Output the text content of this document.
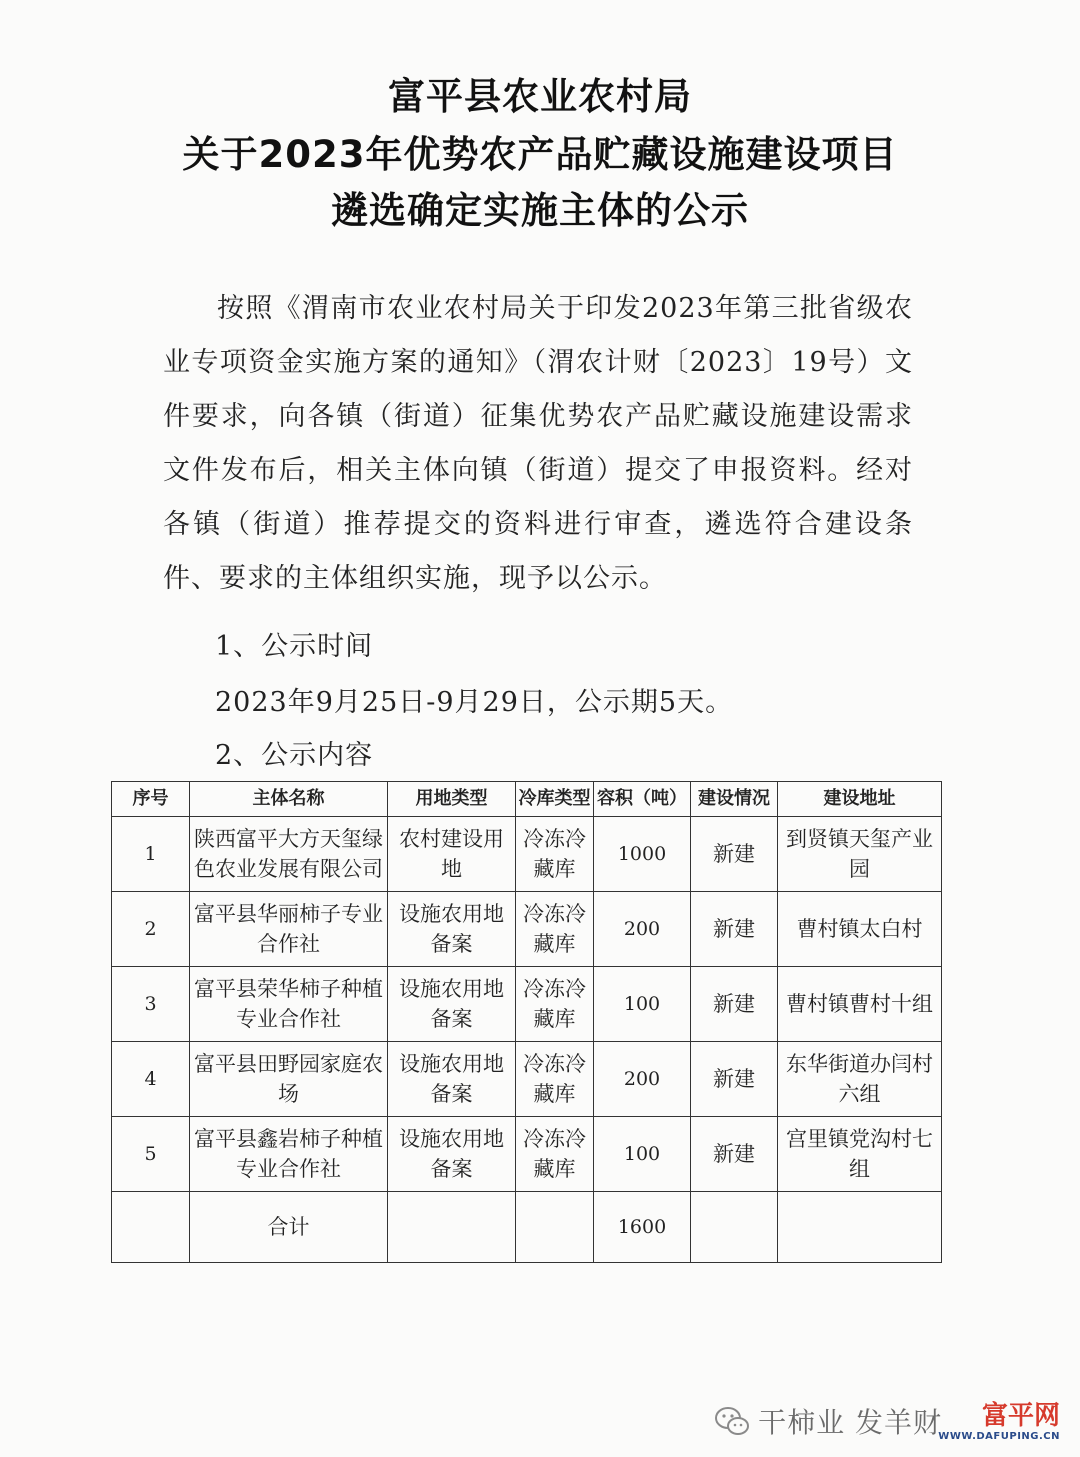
富平县农业农村局
关于2023年优势农产品贮藏设施建设项目
遴选确定实施主体的公示
按照《渭南市农业农村局关于印发2023年第三批省级农业专项资金实施方案的通知》（渭农计财〔2023〕19号）文件要求，向各镇（街道）征集优势农产品贮藏设施建设需求文件发布后，相关主体向镇（街道）提交了申报资料。经对各镇（街道）推荐提交的资料进行审查，遴选符合建设条件、要求的主体组织实施，现予以公示。
1、公示时间
2023年9月25日-9月29日，公示期5天。
2、公示内容
序号	主体名称	用地类型	冷库类型	容积（吨）	建设情况	建设地址
1	陕西富平大方天玺绿色农业发展有限公司	农村建设用地	冷冻冷藏库	1000	新建	到贤镇天玺产业园
2	富平县华丽柿子专业合作社	设施农用地备案	冷冻冷藏库	200	新建	曹村镇太白村
3	富平县荣华柿子种植专业合作社	设施农用地备案	冷冻冷藏库	100	新建	曹村镇曹村十组
4	富平县田野园家庭农场	设施农用地备案	冷冻冷藏库	200	新建	东华街道办闫村六组
5	富平县鑫岩柿子种植专业合作社	设施农用地备案	冷冻冷藏库	100	新建	宫里镇党沟村七组
	合计			1600		
干柿业 发羊财 富平网
WWW.DAFUPING.CN
